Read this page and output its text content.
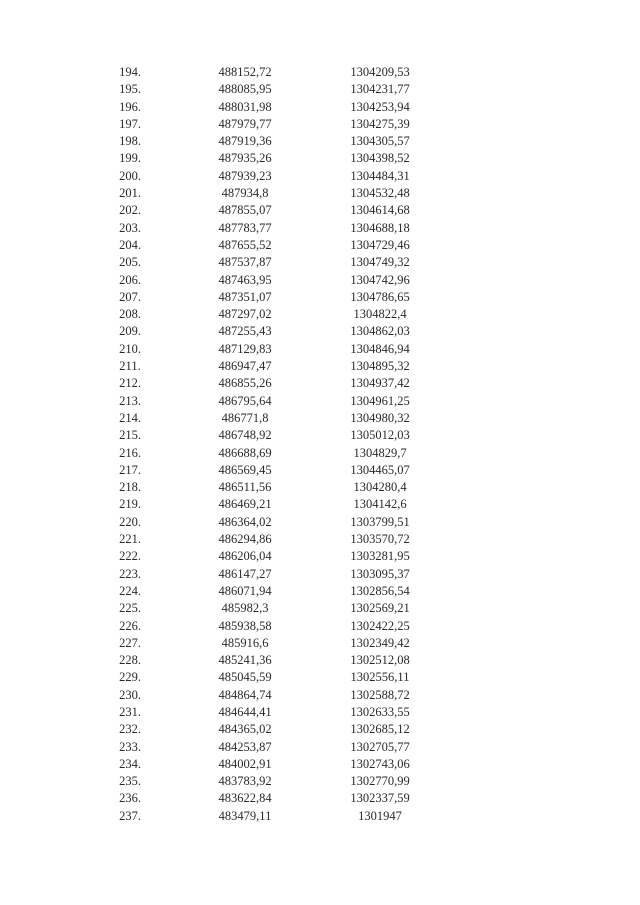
194.	488152,72	1304209,53
195.	488085,95	1304231,77
196.	488031,98	1304253,94
197.	487979,77	1304275,39
198.	487919,36	1304305,57
199.	487935,26	1304398,52
200.	487939,23	1304484,31
201.	487934,8	1304532,48
202.	487855,07	1304614,68
203.	487783,77	1304688,18
204.	487655,52	1304729,46
205.	487537,87	1304749,32
206.	487463,95	1304742,96
207.	487351,07	1304786,65
208.	487297,02	1304822,4
209.	487255,43	1304862,03
210.	487129,83	1304846,94
211.	486947,47	1304895,32
212.	486855,26	1304937,42
213.	486795,64	1304961,25
214.	486771,8	1304980,32
215.	486748,92	1305012,03
216.	486688,69	1304829,7
217.	486569,45	1304465,07
218.	486511,56	1304280,4
219.	486469,21	1304142,6
220.	486364,02	1303799,51
221.	486294,86	1303570,72
222.	486206,04	1303281,95
223.	486147,27	1303095,37
224.	486071,94	1302856,54
225.	485982,3	1302569,21
226.	485938,58	1302422,25
227.	485916,6	1302349,42
228.	485241,36	1302512,08
229.	485045,59	1302556,11
230.	484864,74	1302588,72
231.	484644,41	1302633,55
232.	484365,02	1302685,12
233.	484253,87	1302705,77
234.	484002,91	1302743,06
235.	483783,92	1302770,99
236.	483622,84	1302337,59
237.	483479,11	1301947
